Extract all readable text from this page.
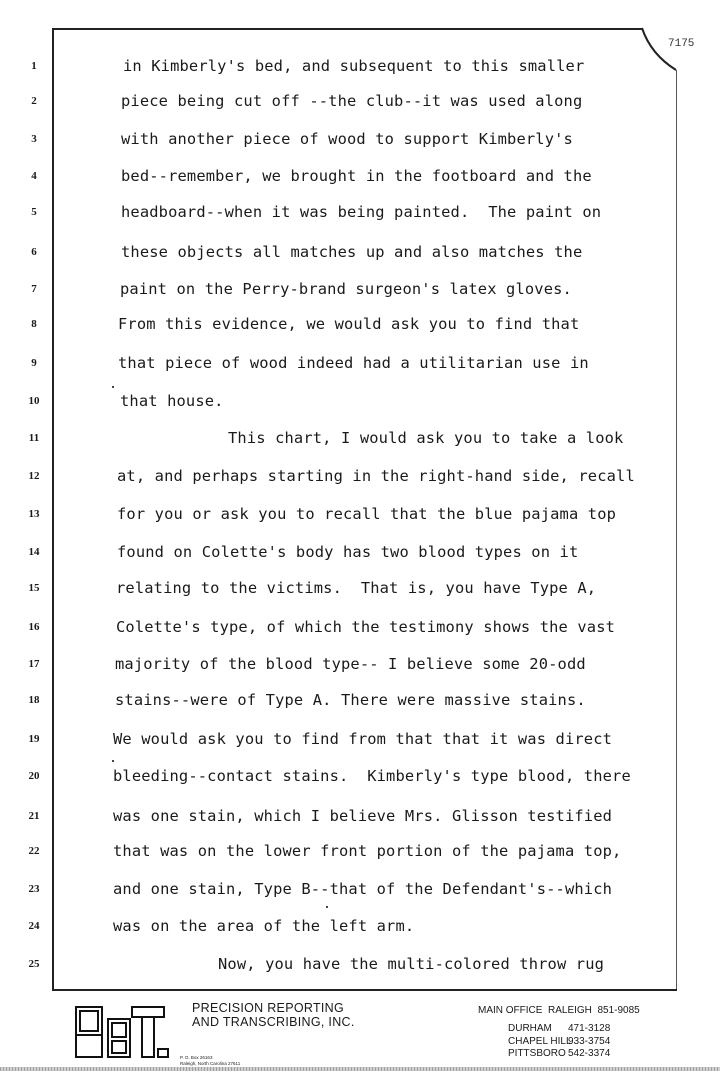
7175
1	in Kimberly's bed, and subsequent to this smaller
2	piece being cut off --the club--it was used along
3	with another piece of wood to support Kimberly's
4	bed--remember, we brought in the footboard and the
5	headboard--when it was being painted.  The paint on
6	these objects all matches up and also matches the
7	paint on the Perry-brand surgeon's latex gloves.
8	From this evidence, we would ask you to find that
9	that piece of wood indeed had a utilitarian use in
10	that house.
11	This chart, I would ask you to take a look
12	at, and perhaps starting in the right-hand side, recall
13	for you or ask you to recall that the blue pajama top
14	found on Colette's body has two blood types on it
15	relating to the victims.  That is, you have Type A,
16	Colette's type, of which the testimony shows the vast
17	majority of the blood type-- I believe some 20-odd
18	stains--were of Type A. There were massive stains.
19	We would ask you to find from that that it was direct
20	bleeding--contact stains.  Kimberly's type blood, there
21	was one stain, which I believe Mrs. Glisson testified
22	that was on the lower front portion of the pajama top,
23	and one stain, Type B--that of the Defendant's--which
24	was on the area of the left arm.
25	Now, you have the multi-colored throw rug
PRECISION REPORTING
AND TRANSCRIBING, INC.
P. O. Box 26163
Raleigh, North Carolina 27611
MAIN OFFICE  RALEIGH  851-9085
DURHAM 471-3128
CHAPEL HILL
933-3754
PITTSBORO 542-3374
